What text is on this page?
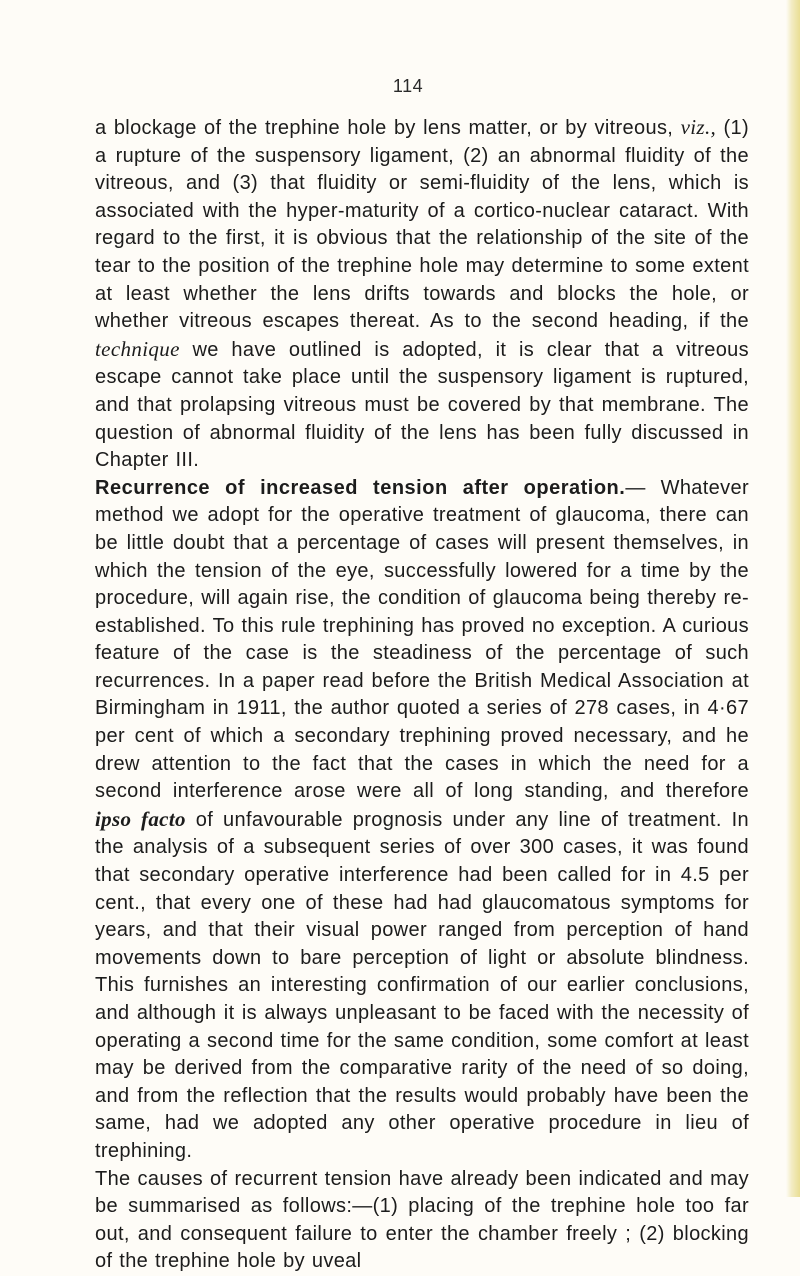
114

a blockage of the trephine hole by lens matter, or by vitreous, viz., (1) a rupture of the suspensory ligament, (2) an abnormal fluidity of the vitreous, and (3) that fluidity or semi-fluidity of the lens, which is associated with the hyper-maturity of a cortico-nuclear cataract. With regard to the first, it is obvious that the relationship of the site of the tear to the position of the trephine hole may determine to some extent at least whether the lens drifts towards and blocks the hole, or whether vitreous escapes thereat. As to the second heading, if the technique we have outlined is adopted, it is clear that a vitreous escape cannot take place until the suspensory ligament is ruptured, and that prolapsing vitreous must be covered by that membrane. The question of abnormal fluidity of the lens has been fully discussed in Chapter III.

Recurrence of increased tension after operation.— Whatever method we adopt for the operative treatment of glaucoma, there can be little doubt that a percentage of cases will present themselves, in which the tension of the eye, successfully lowered for a time by the procedure, will again rise, the condition of glaucoma being thereby re-established. To this rule trephining has proved no exception. A curious feature of the case is the steadiness of the percentage of such recurrences. In a paper read before the British Medical Association at Birmingham in 1911, the author quoted a series of 278 cases, in 4·67 per cent of which a secondary trephining proved necessary, and he drew attention to the fact that the cases in which the need for a second interference arose were all of long standing, and therefore ipso facto of unfavourable prognosis under any line of treatment. In the analysis of a subsequent series of over 300 cases, it was found that secondary operative interference had been called for in 4.5 per cent., that every one of these had had glaucomatous symptoms for years, and that their visual power ranged from perception of hand movements down to bare perception of light or absolute blindness. This furnishes an interesting confirmation of our earlier conclusions, and although it is always unpleasant to be faced with the necessity of operating a second time for the same condition, some comfort at least may be derived from the comparative rarity of the need of so doing, and from the reflection that the results would probably have been the same, had we adopted any other operative procedure in lieu of trephining.

The causes of recurrent tension have already been indicated and may be summarised as follows:—(1) placing of the trephine hole too far out, and consequent failure to enter the chamber freely ; (2) blocking of the trephine hole by uveal
